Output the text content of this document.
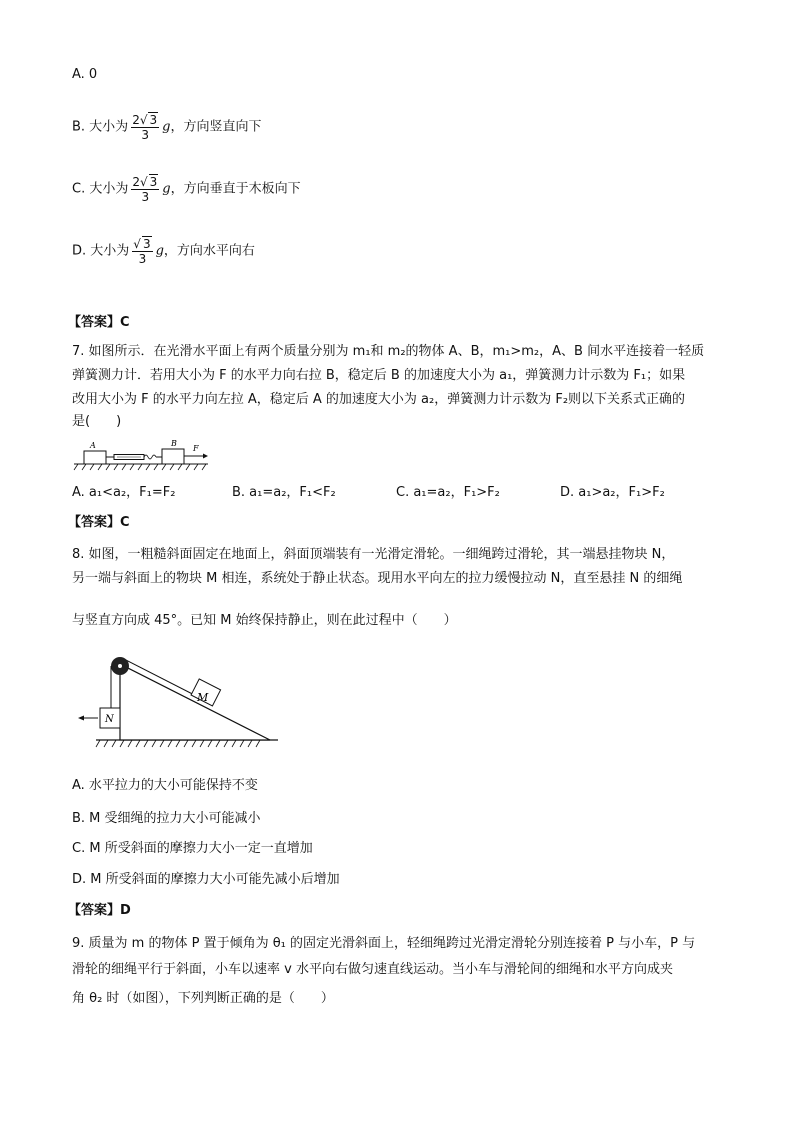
A. 0
B. 大小为 $\frac{2√ 3}{3}$ g，方向竖直向下
C. 大小为 $\frac{2√ 3}{3}$ g，方向垂直于木板向下
D. 大小为 $\frac{√ 3}{3}$ g，方向水平向右
【答案】C
7. 如图所示．在光滑水平面上有两个质量分别为 m₁和 m₂的物体 A、B，m₁>m₂，A、B 间水平连接着一轻质
弹簧测力计．若用大小为 F 的水平力向右拉 B，稳定后 B 的加速度大小为 a₁，弹簧测力计示数为 F₁；如果
改用大小为 F 的水平力向左拉 A，稳定后 A 的加速度大小为 a₂，弹簧测力计示数为 F₂则以下关系式正确的
是(　　)
A	B
F
A. a₁<a₂，F₁=F₂	B. a₁=a₂，F₁<F₂	C. a₁=a₂，F₁>F₂	D. a₁>a₂，F₁>F₂
【答案】C
8. 如图，一粗糙斜面固定在地面上，斜面顶端装有一光滑定滑轮。一细绳跨过滑轮，其一端悬挂物块 N，
另一端与斜面上的物块 M 相连，系统处于静止状态。现用水平向左的拉力缓慢拉动 N，直至悬挂 N 的细绳
与竖直方向成 45°。已知 M 始终保持静止，则在此过程中（　　）
M
N
A. 水平拉力的大小可能保持不变
B. M 受细绳的拉力大小可能减小
C. M 所受斜面的摩擦力大小一定一直增加
D. M 所受斜面的摩擦力大小可能先减小后增加
【答案】D
9. 质量为 m 的物体 P 置于倾角为 θ₁ 的固定光滑斜面上，轻细绳跨过光滑定滑轮分别连接着 P 与小车，P 与
滑轮的细绳平行于斜面，小车以速率 v 水平向右做匀速直线运动。当小车与滑轮间的细绳和水平方向成夹
角 θ₂ 时（如图），下列判断正确的是（　　）
